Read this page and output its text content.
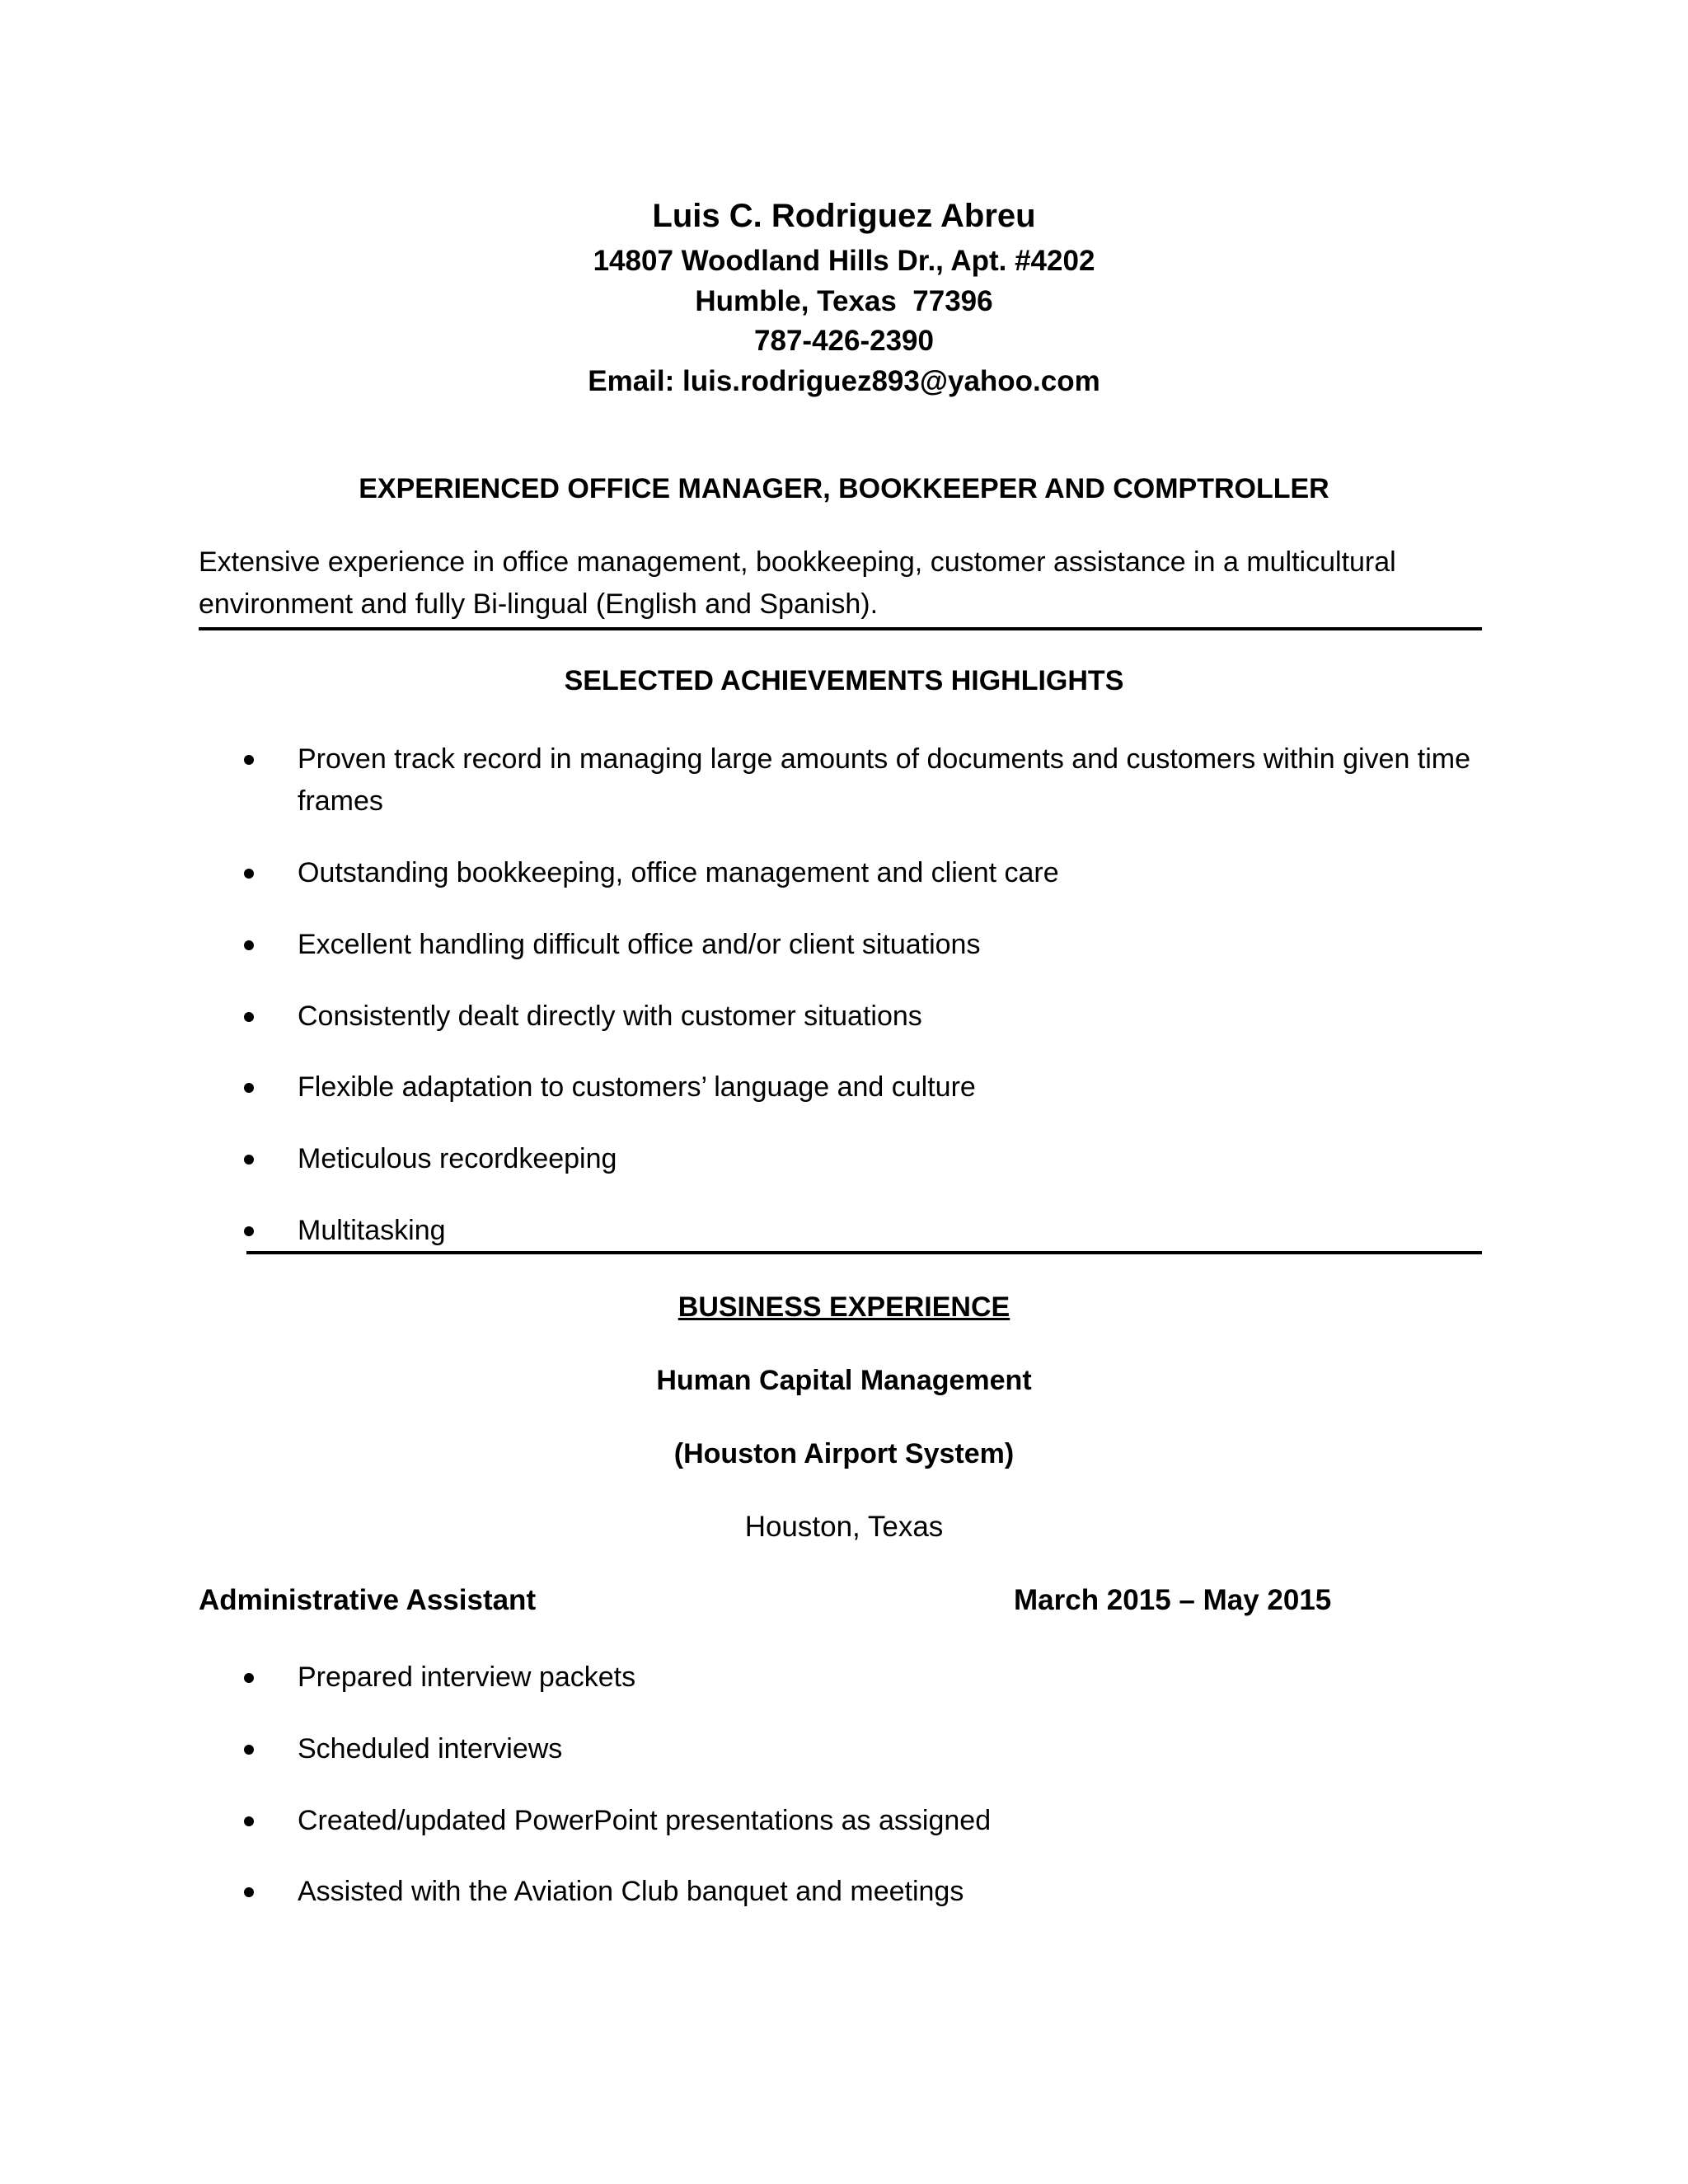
Luis C. Rodriguez Abreu
14807 Woodland Hills Dr., Apt. #4202
Humble, Texas  77396
787-426-2390
Email: luis.rodriguez893@yahoo.com
EXPERIENCED OFFICE MANAGER, BOOKKEEPER AND COMPTROLLER
Extensive experience in office management, bookkeeping, customer assistance in a multicultural
environment and fully Bi-lingual (English and Spanish).
SELECTED ACHIEVEMENTS HIGHLIGHTS
Proven track record in managing large amounts of documents and customers within given time
frames
Outstanding bookkeeping, office management and client care
Excellent handling difficult office and/or client situations
Consistently dealt directly with customer situations
Flexible adaptation to customers’ language and culture
Meticulous recordkeeping
Multitasking
BUSINESS EXPERIENCE
Human Capital Management
(Houston Airport System)
Houston, Texas
Administrative Assistant	March 2015 – May 2015
Prepared interview packets
Scheduled interviews
Created/updated PowerPoint presentations as assigned
Assisted with the Aviation Club banquet and meetings
